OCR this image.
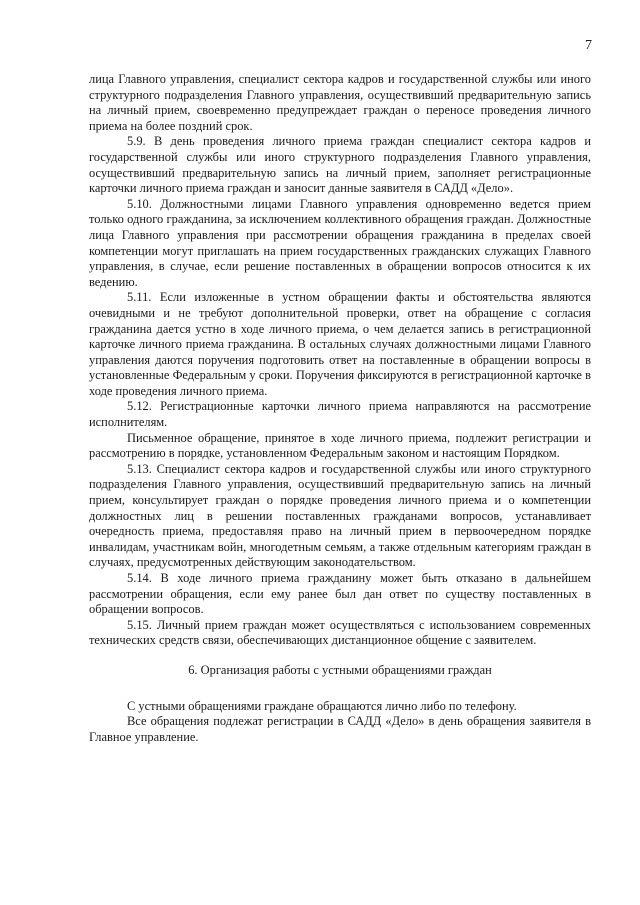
7

лица Главного управления, специалист сектора кадров и государственной службы или иного структурного подразделения Главного управления, осуществивший предварительную запись на личный прием, своевременно предупреждает граждан о переносе проведения личного приема на более поздний срок.

5.9. В день проведения личного приема граждан специалист сектора кадров и государственной службы или иного структурного подразделения Главного управления, осуществивший предварительную запись на личный прием, заполняет регистрационные карточки личного приема граждан и заносит данные заявителя в САДД «Дело».

5.10. Должностными лицами Главного управления одновременно ведется прием только одного гражданина, за исключением коллективного обращения граждан. Должностные лица Главного управления при рассмотрении обращения гражданина в пределах своей компетенции могут приглашать на прием государственных гражданских служащих Главного управления, в случае, если решение поставленных в обращении вопросов относится к их ведению.

5.11. Если изложенные в устном обращении факты и обстоятельства являются очевидными и не требуют дополнительной проверки, ответ на обращение с согласия гражданина дается устно в ходе личного приема, о чем делается запись в регистрационной карточке личного приема гражданина. В остальных случаях должностными лицами Главного управления даются поручения подготовить ответ на поставленные в обращении вопросы в установленные Федеральным у сроки. Поручения фиксируются в регистрационной карточке в ходе проведения личного приема.

5.12. Регистрационные карточки личного приема направляются на рассмотрение исполнителям.

Письменное обращение, принятое в ходе личного приема, подлежит регистрации и рассмотрению в порядке, установленном Федеральным законом и настоящим Порядком.

5.13. Специалист сектора кадров и государственной службы или иного структурного подразделения Главного управления, осуществивший предварительную запись на личный прием, консультирует граждан о порядке проведения личного приема и о компетенции должностных лиц в решении поставленных гражданами вопросов, устанавливает очередность приема, предоставляя право на личный прием в первоочередном порядке инвалидам, участникам войн, многодетным семьям, а также отдельным категориям граждан в случаях, предусмотренных действующим законодательством.

5.14. В ходе личного приема гражданину может быть отказано в дальнейшем рассмотрении обращения, если ему ранее был дан ответ по существу поставленных в обращении вопросов.

5.15. Личный прием граждан может осуществляться с использованием современных технических средств связи, обеспечивающих дистанционное общение с заявителем.

6. Организация работы с устными обращениями граждан

С устными обращениями граждане обращаются лично либо по телефону.

Все обращения подлежат регистрации в САДД «Дело» в день обращения заявителя в Главное управление.
